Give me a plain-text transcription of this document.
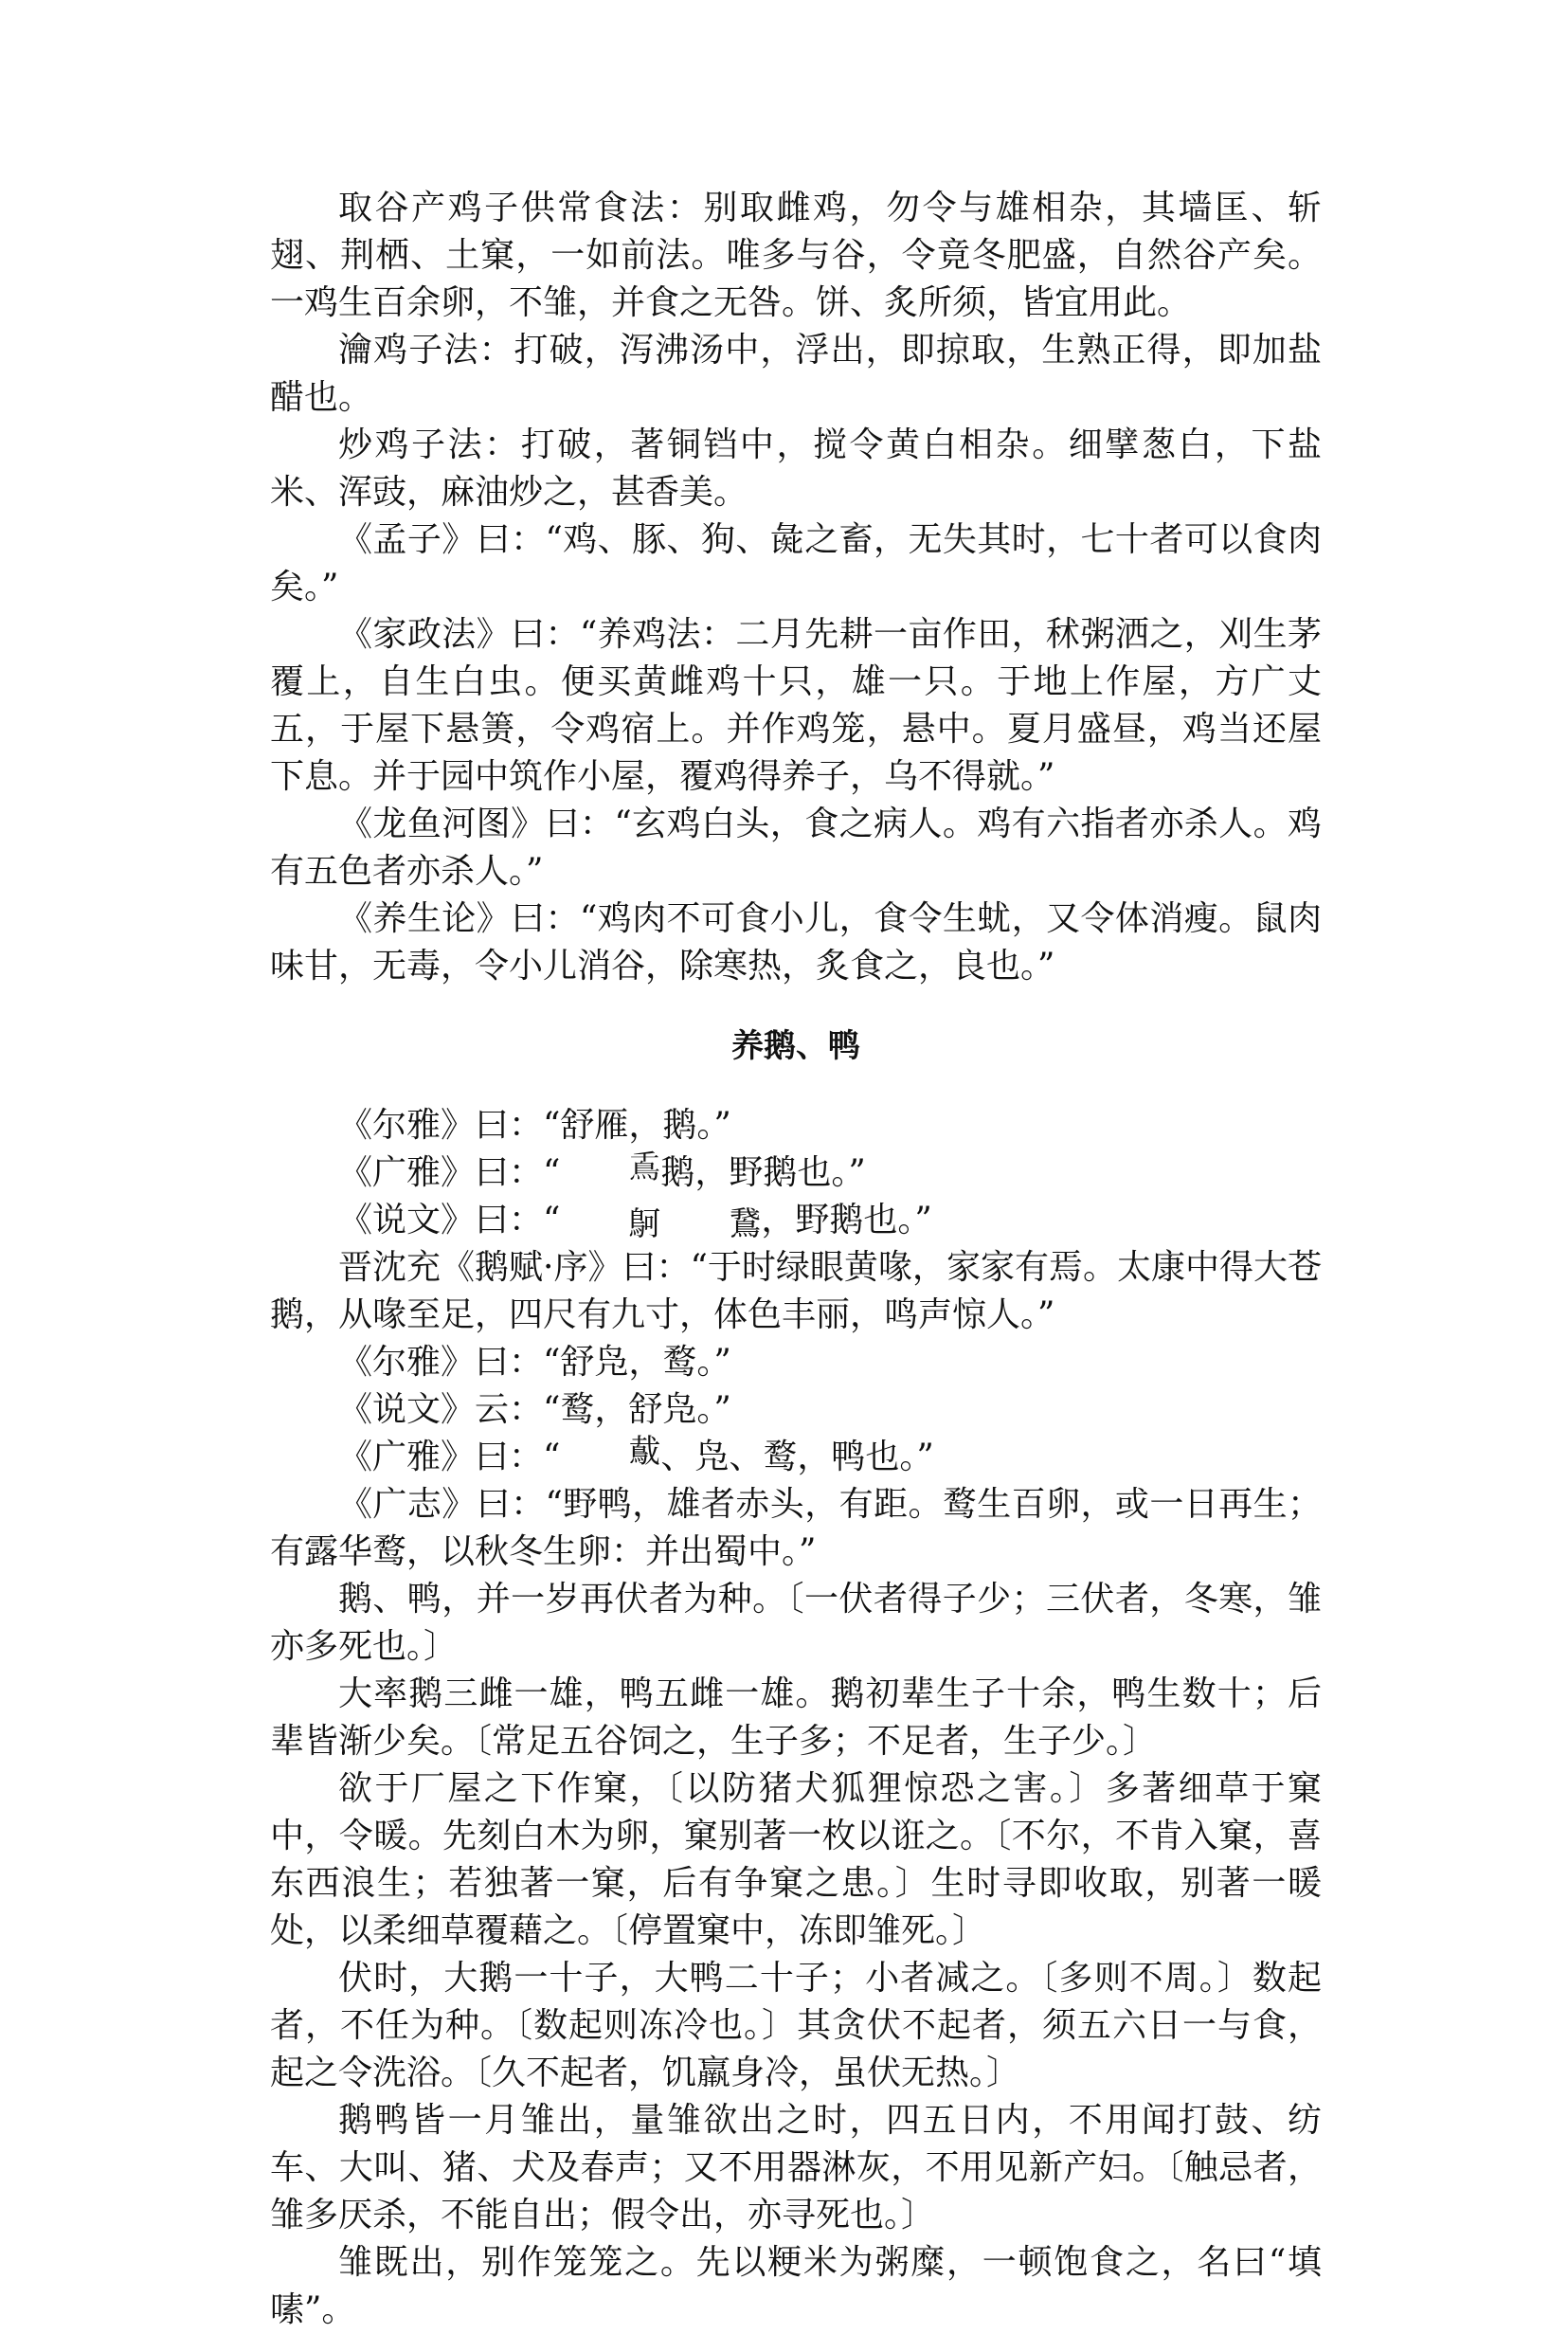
取谷产鸡子供常食法：别取雌鸡，勿令与雄相杂，其墙匡、斩翅、荆栖、土窠，一如前法。唯多与谷，令竟冬肥盛，自然谷产矣。一鸡生百余卵，不雏，并食之无咎。饼、炙所须，皆宜用此。

瀹鸡子法：打破，泻沸汤中，浮出，即掠取，生熟正得，即加盐醋也。

炒鸡子法：打破，著铜铛中，搅令黄白相杂。细擘葱白，下盐米、浑豉，麻油炒之，甚香美。

《孟子》曰：“鸡、豚、狗、彘之畜，无失其时，七十者可以食肉矣。”

《家政法》曰：“养鸡法：二月先耕一亩作田，秫粥洒之，刈生茅覆上，自生白虫。便买黄雌鸡十只，雄一只。于地上作屋，方广丈五，于屋下悬箦，令鸡宿上。并作鸡笼，悬中。夏月盛昼，鸡当还屋下息。并于园中筑作小屋，覆鸡得养子，乌不得就。”

《龙鱼河图》曰：“玄鸡白头，食之病人。鸡有六指者亦杀人。鸡有五色者亦杀人。”

《养生论》曰：“鸡肉不可食小儿，食令生蚘，又令体消瘦。鼠肉味甘，无毒，令小儿消谷，除寒热，炙食之，良也。”

养鹅、鸭

《尔雅》曰：“舒雁，鹅。”

《广雅》曰：“ 𩾭鹅，野鹅也。”

《说文》曰：“ 鴚 鵞，野鹅也。”

晋沈充《鹅赋·序》曰：“于时绿眼黄喙，家家有焉。太康中得大苍鹅，从喙至足，四尺有九寸，体色丰丽，鸣声惊人。”

《尔雅》曰：“舒凫，鹜。”

《说文》云：“鹜，舒凫。”

《广雅》曰：“ 䳒、凫、鹜，鸭也。”

《广志》曰：“野鸭，雄者赤头，有距。鹜生百卵，或一日再生；有露华鹜，以秋冬生卵：并出蜀中。”

鹅、鸭，并一岁再伏者为种。〔一伏者得子少；三伏者，冬寒，雏亦多死也。〕

大率鹅三雌一雄，鸭五雌一雄。鹅初辈生子十余，鸭生数十；后辈皆渐少矣。〔常足五谷饲之，生子多；不足者，生子少。〕

欲于厂屋之下作窠，〔以防猪犬狐狸惊恐之害。〕多著细草于窠中，令暖。先刻白木为卵，窠别著一枚以诳之。〔不尔，不肯入窠，喜东西浪生；若独著一窠，后有争窠之患。〕生时寻即收取，别著一暖处，以柔细草覆藉之。〔停置窠中，冻即雏死。〕

伏时，大鹅一十子，大鸭二十子；小者减之。〔多则不周。〕数起者，不任为种。〔数起则冻冷也。〕其贪伏不起者，须五六日一与食，起之令洗浴。〔久不起者，饥羸身冷，虽伏无热。〕

鹅鸭皆一月雏出，量雏欲出之时，四五日内，不用闻打鼓、纺车、大叫、猪、犬及春声；又不用器淋灰，不用见新产妇。〔触忌者，雏多厌杀，不能自出；假令出，亦寻死也。〕

雏既出，别作笼笼之。先以粳米为粥糜，一顿饱食之，名曰“填嗉”。
